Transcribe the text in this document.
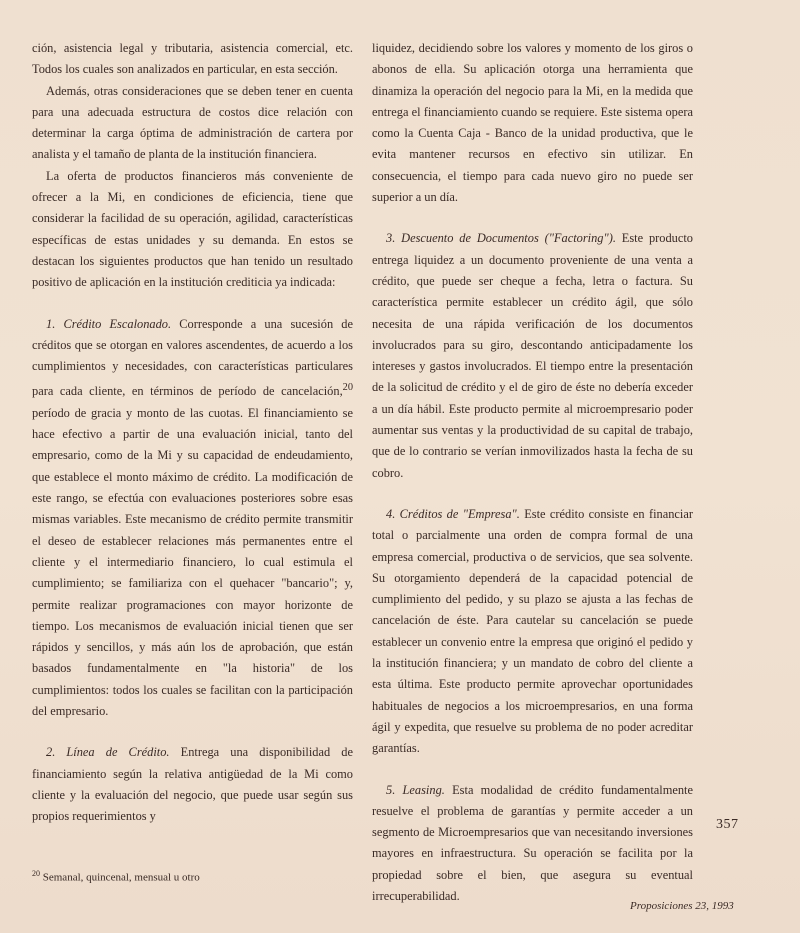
ción, asistencia legal y tributaria, asistencia comercial, etc. Todos los cuales son analizados en particular, en esta sección.

Además, otras consideraciones que se deben tener en cuenta para una adecuada estructura de costos dice relación con determinar la carga óptima de administración de cartera por analista y el tamaño de planta de la institución financiera.

La oferta de productos financieros más conveniente de ofrecer a la Mi, en condiciones de eficiencia, tiene que considerar la facilidad de su operación, agilidad, características específicas de estas unidades y su demanda. En estos se destacan los siguientes productos que han tenido un resultado positivo de aplicación en la institución crediticia ya indicada:

1. Crédito Escalonado. Corresponde a una sucesión de créditos que se otorgan en valores ascendentes, de acuerdo a los cumplimientos y necesidades, con características particulares para cada cliente, en términos de período de cancelación,$^{20}$ período de gracia y monto de las cuotas. El financiamiento se hace efectivo a partir de una evaluación inicial, tanto del empresario, como de la Mi y su capacidad de endeudamiento, que establece el monto máximo de crédito. La modificación de este rango, se efectúa con evaluaciones posteriores sobre esas mismas variables. Este mecanismo de crédito permite transmitir el deseo de establecer relaciones más permanentes entre el cliente y el intermediario financiero, lo cual estimula el cumplimiento; se familiariza con el quehacer "bancario"; y, permite realizar programaciones con mayor horizonte de tiempo. Los mecanismos de evaluación inicial tienen que ser rápidos y sencillos, y más aún los de aprobación, que están basados fundamentalmente en "la historia" de los cumplimientos: todos los cuales se facilitan con la participación del empresario.

2. Línea de Crédito. Entrega una disponibilidad de financiamiento según la relativa antigüedad de la Mi como cliente y la evaluación del negocio, que puede usar según sus propios requerimientos y

liquidez, decidiendo sobre los valores y momento de los giros o abonos de ella. Su aplicación otorga una herramienta que dinamiza la operación del negocio para la Mi, en la medida que entrega el financiamiento cuando se requiere. Este sistema opera como la Cuenta Caja - Banco de la unidad productiva, que le evita mantener recursos en efectivo sin utilizar. En consecuencia, el tiempo para cada nuevo giro no puede ser superior a un día.

3. Descuento de Documentos ("Factoring"). Este producto entrega liquidez a un documento proveniente de una venta a crédito, que puede ser cheque a fecha, letra o factura. Su característica permite establecer un crédito ágil, que sólo necesita de una rápida verificación de los documentos involucrados para su giro, descontando anticipadamente los intereses y gastos involucrados. El tiempo entre la presentación de la solicitud de crédito y el de giro de éste no debería exceder a un día hábil. Este producto permite al microempresario poder aumentar sus ventas y la productividad de su capital de trabajo, que de lo contrario se verían inmovilizados hasta la fecha de su cobro.

4. Créditos de "Empresa". Este crédito consiste en financiar total o parcialmente una orden de compra formal de una empresa comercial, productiva o de servicios, que sea solvente. Su otorgamiento dependerá de la capacidad potencial de cumplimiento del pedido, y su plazo se ajusta a las fechas de cancelación de éste. Para cautelar su cancelación se puede establecer un convenio entre la empresa que originó el pedido y la institución financiera; y un mandato de cobro del cliente a esta última. Este producto permite aprovechar oportunidades habituales de negocios a los microempresarios, en una forma ágil y expedita, que resuelve su problema de no poder acreditar garantías.

5. Leasing. Esta modalidad de crédito fundamentalmente resuelve el problema de garantías y permite acceder a un segmento de Microempresarios que van necesitando inversiones mayores en infraestructura. Su operación se facilita por la propiedad sobre el bien, que asegura su eventual irrecuperabilidad.

$^{20}$ Semanal, quincenal, mensual u otro
357
Proposiciones 23, 1993
